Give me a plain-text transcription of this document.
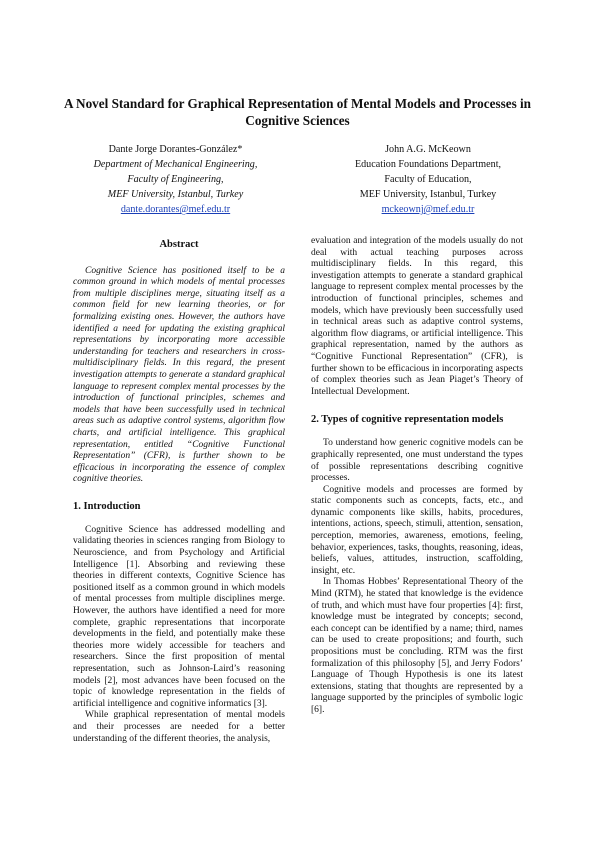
A Novel Standard for Graphical Representation of Mental Models and Processes in Cognitive Sciences
Dante Jorge Dorantes-González*
Department of Mechanical Engineering,
Faculty of Engineering,
MEF University, Istanbul, Turkey
dante.dorantes@mef.edu.tr
John A.G. McKeown
Education Foundations Department,
Faculty of Education,
MEF University, Istanbul, Turkey
mckeownj@mef.edu.tr
Abstract

Cognitive Science has positioned itself to be a common ground in which models of mental processes from multiple disciplines merge, situating itself as a common field for new learning theories, or for formalizing existing ones. However, the authors have identified a need for updating the existing graphical representations by incorporating more accessible understanding for teachers and researchers in cross-multidisciplinary fields. In this regard, the present investigation attempts to generate a standard graphical language to represent complex mental processes by the introduction of functional principles, schemes and models that have been successfully used in technical areas such as adaptive control systems, algorithm flow charts, and artificial intelligence. This graphical representation, entitled “Cognitive Functional Representation” (CFR), is further shown to be efficacious in incorporating the essence of complex cognitive theories.

1. Introduction

Cognitive Science has addressed modelling and validating theories in sciences ranging from Biology to Neuroscience, and from Psychology and Artificial Intelligence [1]. Absorbing and reviewing these theories in different contexts, Cognitive Science has positioned itself as a common ground in which models of mental processes from multiple disciplines merge. However, the authors have identified a need for more complete, graphic representations that incorporate developments in the field, and potentially make these theories more widely accessible for teachers and researchers. Since the first proposition of mental representation, such as Johnson-Laird’s reasoning models [2], most advances have been focused on the topic of knowledge representation in the fields of artificial intelligence and cognitive informatics [3].

While graphical representation of mental models and their processes are needed for a better understanding of the different theories, the analysis,

evaluation and integration of the models usually do not deal with actual teaching purposes across multidisciplinary fields. In this regard, this investigation attempts to generate a standard graphical language to represent complex mental processes by the introduction of functional principles, schemes and models, which have previously been successfully used in technical areas such as adaptive control systems, algorithm flow diagrams, or artificial intelligence. This graphical representation, named by the authors as “Cognitive Functional Representation” (CFR), is further shown to be efficacious in incorporating aspects of complex theories such as Jean Piaget’s Theory of Intellectual Development.

2. Types of cognitive representation models

To understand how generic cognitive models can be graphically represented, one must understand the types of possible representations describing cognitive processes.

Cognitive models and processes are formed by static components such as concepts, facts, etc., and dynamic components like skills, habits, procedures, intentions, actions, speech, stimuli, attention, sensation, perception, memories, awareness, emotions, feeling, behavior, experiences, tasks, thoughts, reasoning, ideas, beliefs, values, attitudes, instruction, scaffolding, insight, etc.

In Thomas Hobbes’ Representational Theory of the Mind (RTM), he stated that knowledge is the evidence of truth, and which must have four properties [4]: first, knowledge must be integrated by concepts; second, each concept can be identified by a name; third, names can be used to create propositions; and fourth, such propositions must be concluding. RTM was the first formalization of this philosophy [5], and Jerry Fodors’ Language of Though Hypothesis is one its latest extensions, stating that thoughts are represented by a language supported by the principles of symbolic logic [6].
